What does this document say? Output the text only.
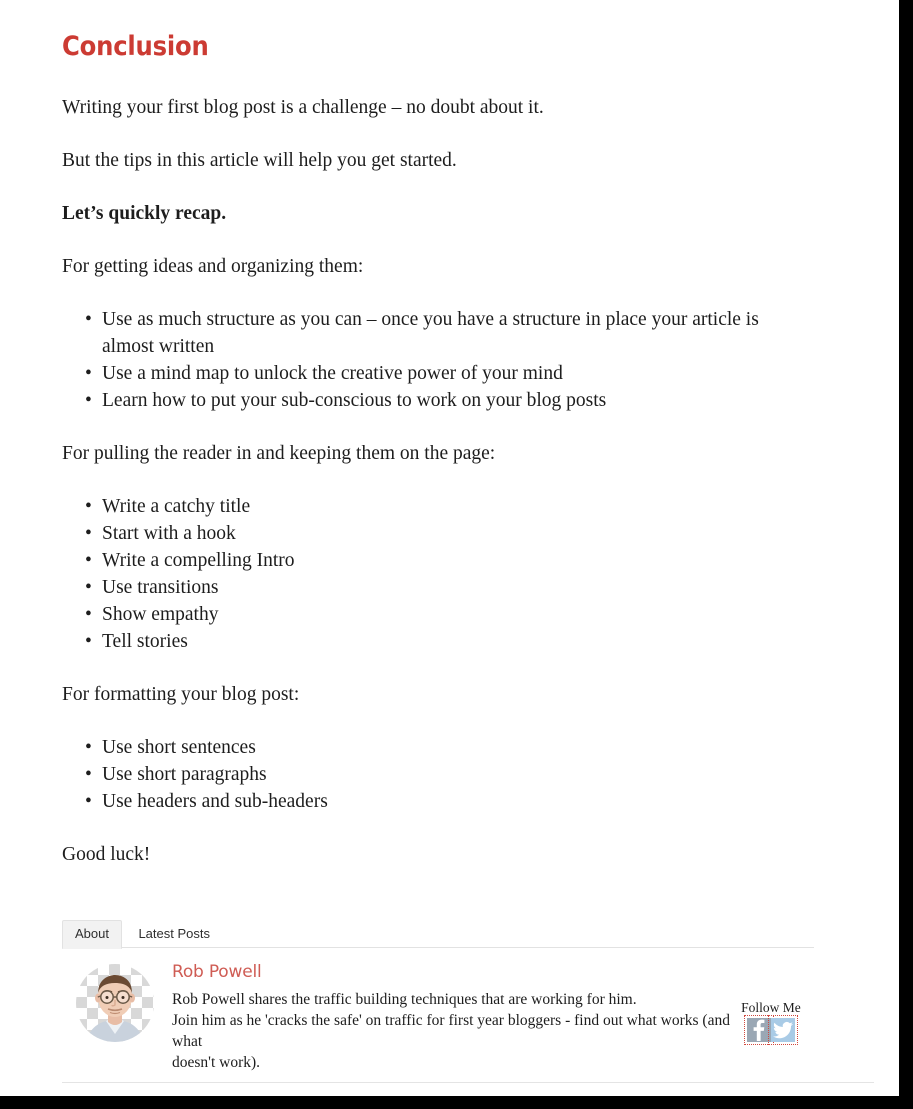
Conclusion

Writing your first blog post is a challenge – no doubt about it.

But the tips in this article will help you get started.

Let’s quickly recap.

For getting ideas and organizing them:

• Use as much structure as you can – once you have a structure in place your article is almost written
• Use a mind map to unlock the creative power of your mind
• Learn how to put your sub-conscious to work on your blog posts

For pulling the reader in and keeping them on the page:

• Write a catchy title
• Start with a hook
• Write a compelling Intro
• Use transitions
• Show empathy
• Tell stories

For formatting your blog post:

• Use short sentences
• Use short paragraphs
• Use headers and sub-headers

Good luck!

About Latest Posts
Rob Powell
Rob Powell shares the traffic building techniques that are working for him.
Join him as he 'cracks the safe' on traffic for first year bloggers - find out what works (and what
doesn't work).
Follow Me
